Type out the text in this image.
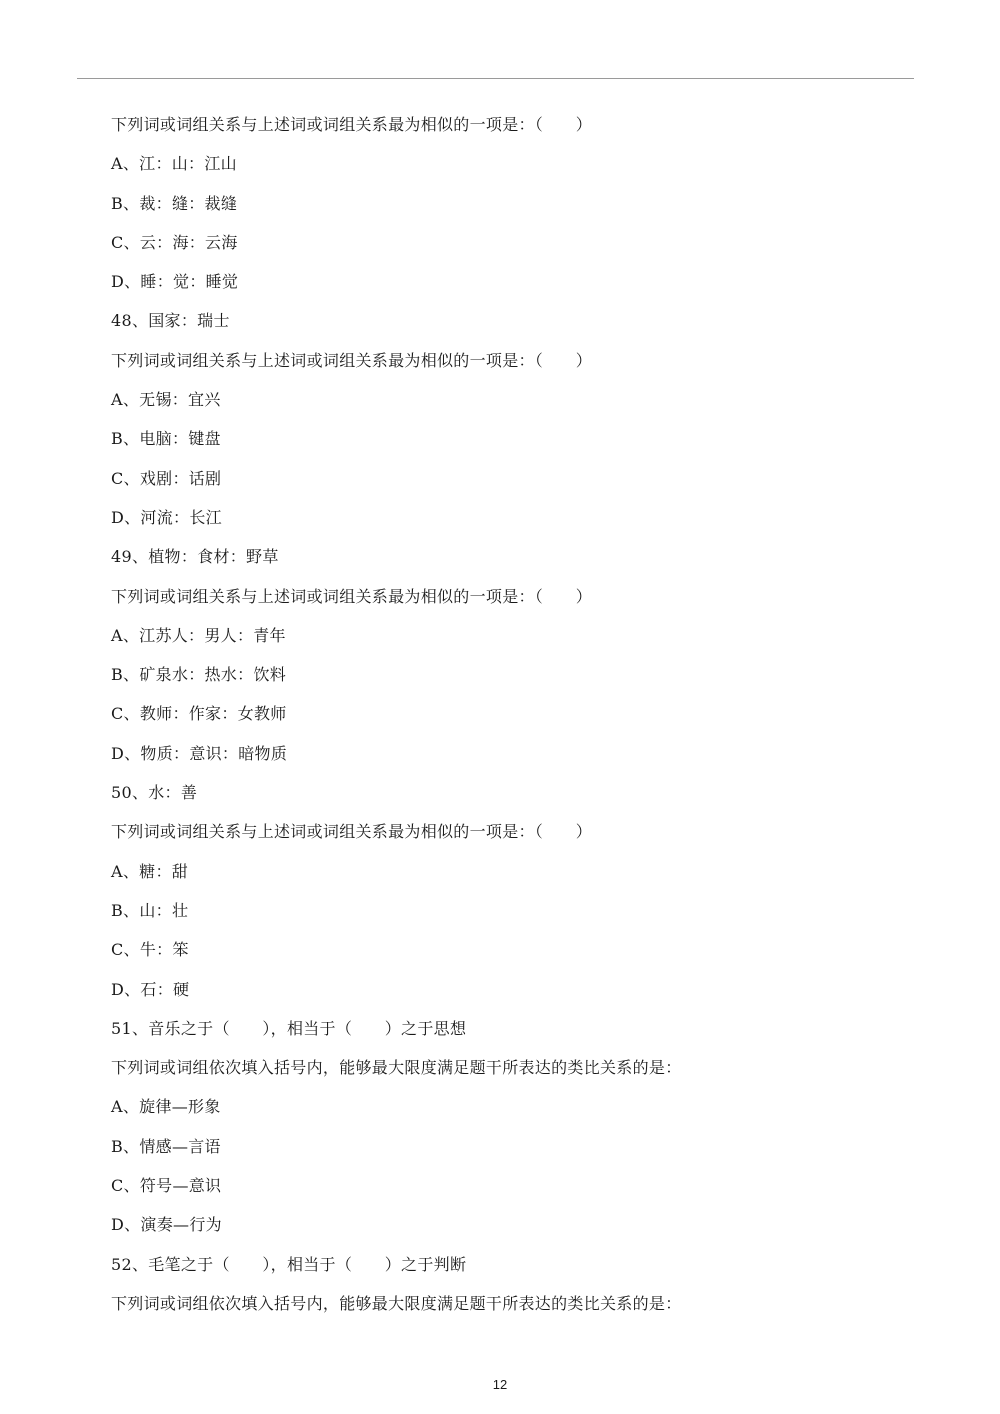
下列词或词组关系与上述词或词组关系最为相似的一项是：（　　）
A、江：山：江山
B、裁：缝：裁缝
C、云：海：云海
D、睡：觉：睡觉
48、国家：瑞士
下列词或词组关系与上述词或词组关系最为相似的一项是：（　　）
A、无锡：宜兴
B、电脑：键盘
C、戏剧：话剧
D、河流：长江
49、植物：食材：野草
下列词或词组关系与上述词或词组关系最为相似的一项是：（　　）
A、江苏人：男人：青年
B、矿泉水：热水：饮料
C、教师：作家：女教师
D、物质：意识：暗物质
50、水：善
下列词或词组关系与上述词或词组关系最为相似的一项是：（　　）
A、糖：甜
B、山：壮
C、牛：笨
D、石：硬
51、音乐之于（　　），相当于（　　）之于思想
下列词或词组依次填入括号内，能够最大限度满足题干所表达的类比关系的是：
A、旋律—形象
B、情感—言语
C、符号—意识
D、演奏—行为
52、毛笔之于（　　），相当于（　　）之于判断
下列词或词组依次填入括号内，能够最大限度满足题干所表达的类比关系的是：
12
